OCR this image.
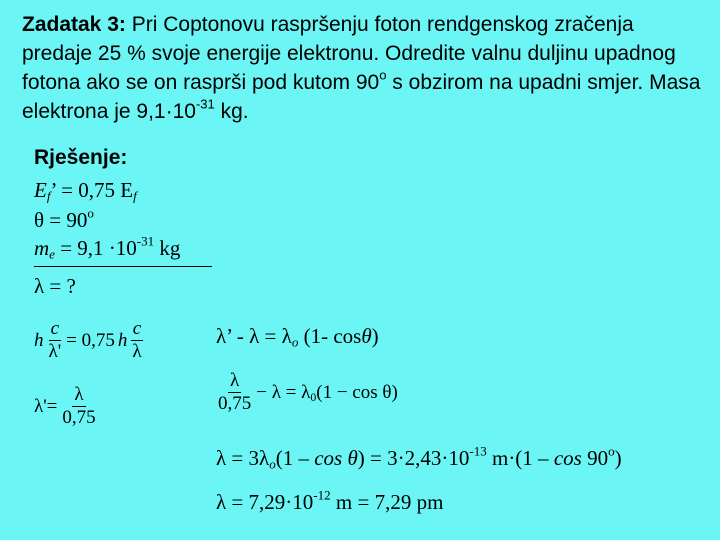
Zadatak 3: Pri Coptonovu raspršenju foton rendgenskog zračenja predaje 25 % svoje energije elektronu. Odredite valnu duljinu upadnog fotona ako se on rasprši pod kutom 90$^o$ s obzirom na upadni smjer. Masa elektrona je $9,1\cdot 10^{-31}$ kg.
Rješenje:
$E_f$’ = 0,75 $E_f$
$\theta = 90^o$
$m_e = 9,1 \cdot 10^{-31}$ kg
λ = ?
h $\frac{c}{\lambda'} = 0,75$ h $\frac{c}{\lambda}$	λ’ - $\lambda = \lambda_o$ (1- cosθ)
$\frac{\lambda}{0,75} - \lambda = \lambda_0(1 - \cos \theta)$
$\lambda'= \frac{\lambda}{0,75}$
$\lambda = 3\lambda_o(1 - \cos \theta) = 3\cdot 2,43\cdot 10^{-13}$ m·(1 – cos 90$^o$)
$\lambda = 7,29\cdot 10^{-12}$ m = 7,29 pm
